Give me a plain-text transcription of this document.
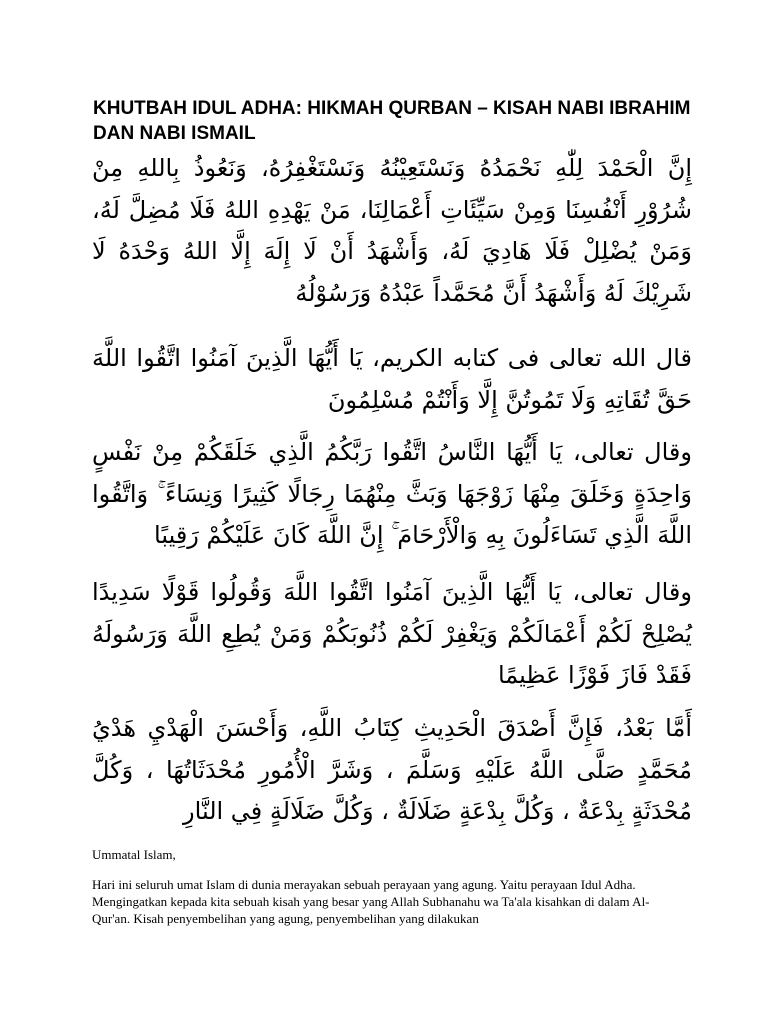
KHUTBAH IDUL ADHA: HIKMAH QURBAN – KISAH NABI IBRAHIM DAN NABI ISMAIL

إِنَّ الْحَمْدَ لِلّٰهِ نَحْمَدُهُ وَنَسْتَعِيْنُهُ وَنَسْتَغْفِرُهُ، وَنَعُوذُ بِاللهِ مِنْ شُرُوْرِ أَنْفُسِنَا وَمِنْ سَيِّئَاتِ أَعْمَالِنَا، مَنْ يَهْدِهِ اللهُ فَلَا مُضِلَّ لَهُ، وَمَنْ يُضْلِلْ فَلَا هَادِيَ لَهُ، وَأَشْهَدُ أَنْ لَا إِلَهَ إِلَّا اللهُ وَحْدَهُ لَا شَرِيْكَ لَهُ وَأَشْهَدُ أَنَّ مُحَمَّداً عَبْدُهُ وَرَسُوْلُهُ

قال الله تعالى فى كتابه الكريم، يَا أَيُّهَا الَّذِينَ آمَنُوا اتَّقُوا اللَّهَ حَقَّ تُقَاتِهِ وَلَا تَمُوتُنَّ إِلَّا وَأَنْتُمْ مُسْلِمُونَ

وقال تعالى، يَا أَيُّهَا النَّاسُ اتَّقُوا رَبَّكُمُ الَّذِي خَلَقَكُمْ مِنْ نَفْسٍ وَاحِدَةٍ وَخَلَقَ مِنْهَا زَوْجَهَا وَبَثَّ مِنْهُمَا رِجَالًا كَثِيرًا وَنِسَاءً ۚ وَاتَّقُوا اللَّهَ الَّذِي تَسَاءَلُونَ بِهِ وَالْأَرْحَامَ ۚ إِنَّ اللَّهَ كَانَ عَلَيْكُمْ رَقِيبًا

وقال تعالى، يَا أَيُّهَا الَّذِينَ آمَنُوا اتَّقُوا اللَّهَ وَقُولُوا قَوْلًا سَدِيدًا يُصْلِحْ لَكُمْ أَعْمَالَكُمْ وَيَغْفِرْ لَكُمْ ذُنُوبَكُمْ وَمَنْ يُطِعِ اللَّهَ وَرَسُولَهُ فَقَدْ فَازَ فَوْزًا عَظِيمًا

أَمَّا بَعْدُ، فَإِنَّ أَصْدَقَ الْحَدِيثِ كِتَابُ اللَّهِ، وَأَحْسَنَ الْهَدْيِ هَدْيُ مُحَمَّدٍ صَلَّى اللَّهُ عَلَيْهِ وَسَلَّمَ ، وَشَرَّ الْأُمُورِ مُحْدَثَاتُهَا ، وَكُلَّ مُحْدَثَةٍ بِدْعَةٌ ، وَكُلَّ بِدْعَةٍ ضَلَالَةٌ ، وَكُلَّ ضَلَالَةٍ فِي النَّارِ

Ummatal Islam,

Hari ini seluruh umat Islam di dunia merayakan sebuah perayaan yang agung. Yaitu perayaan Idul Adha. Mengingatkan kepada kita sebuah kisah yang besar yang Allah Subhanahu wa Ta'ala kisahkan di dalam Al-Qur'an. Kisah penyembelihan yang agung, penyembelihan yang dilakukan
